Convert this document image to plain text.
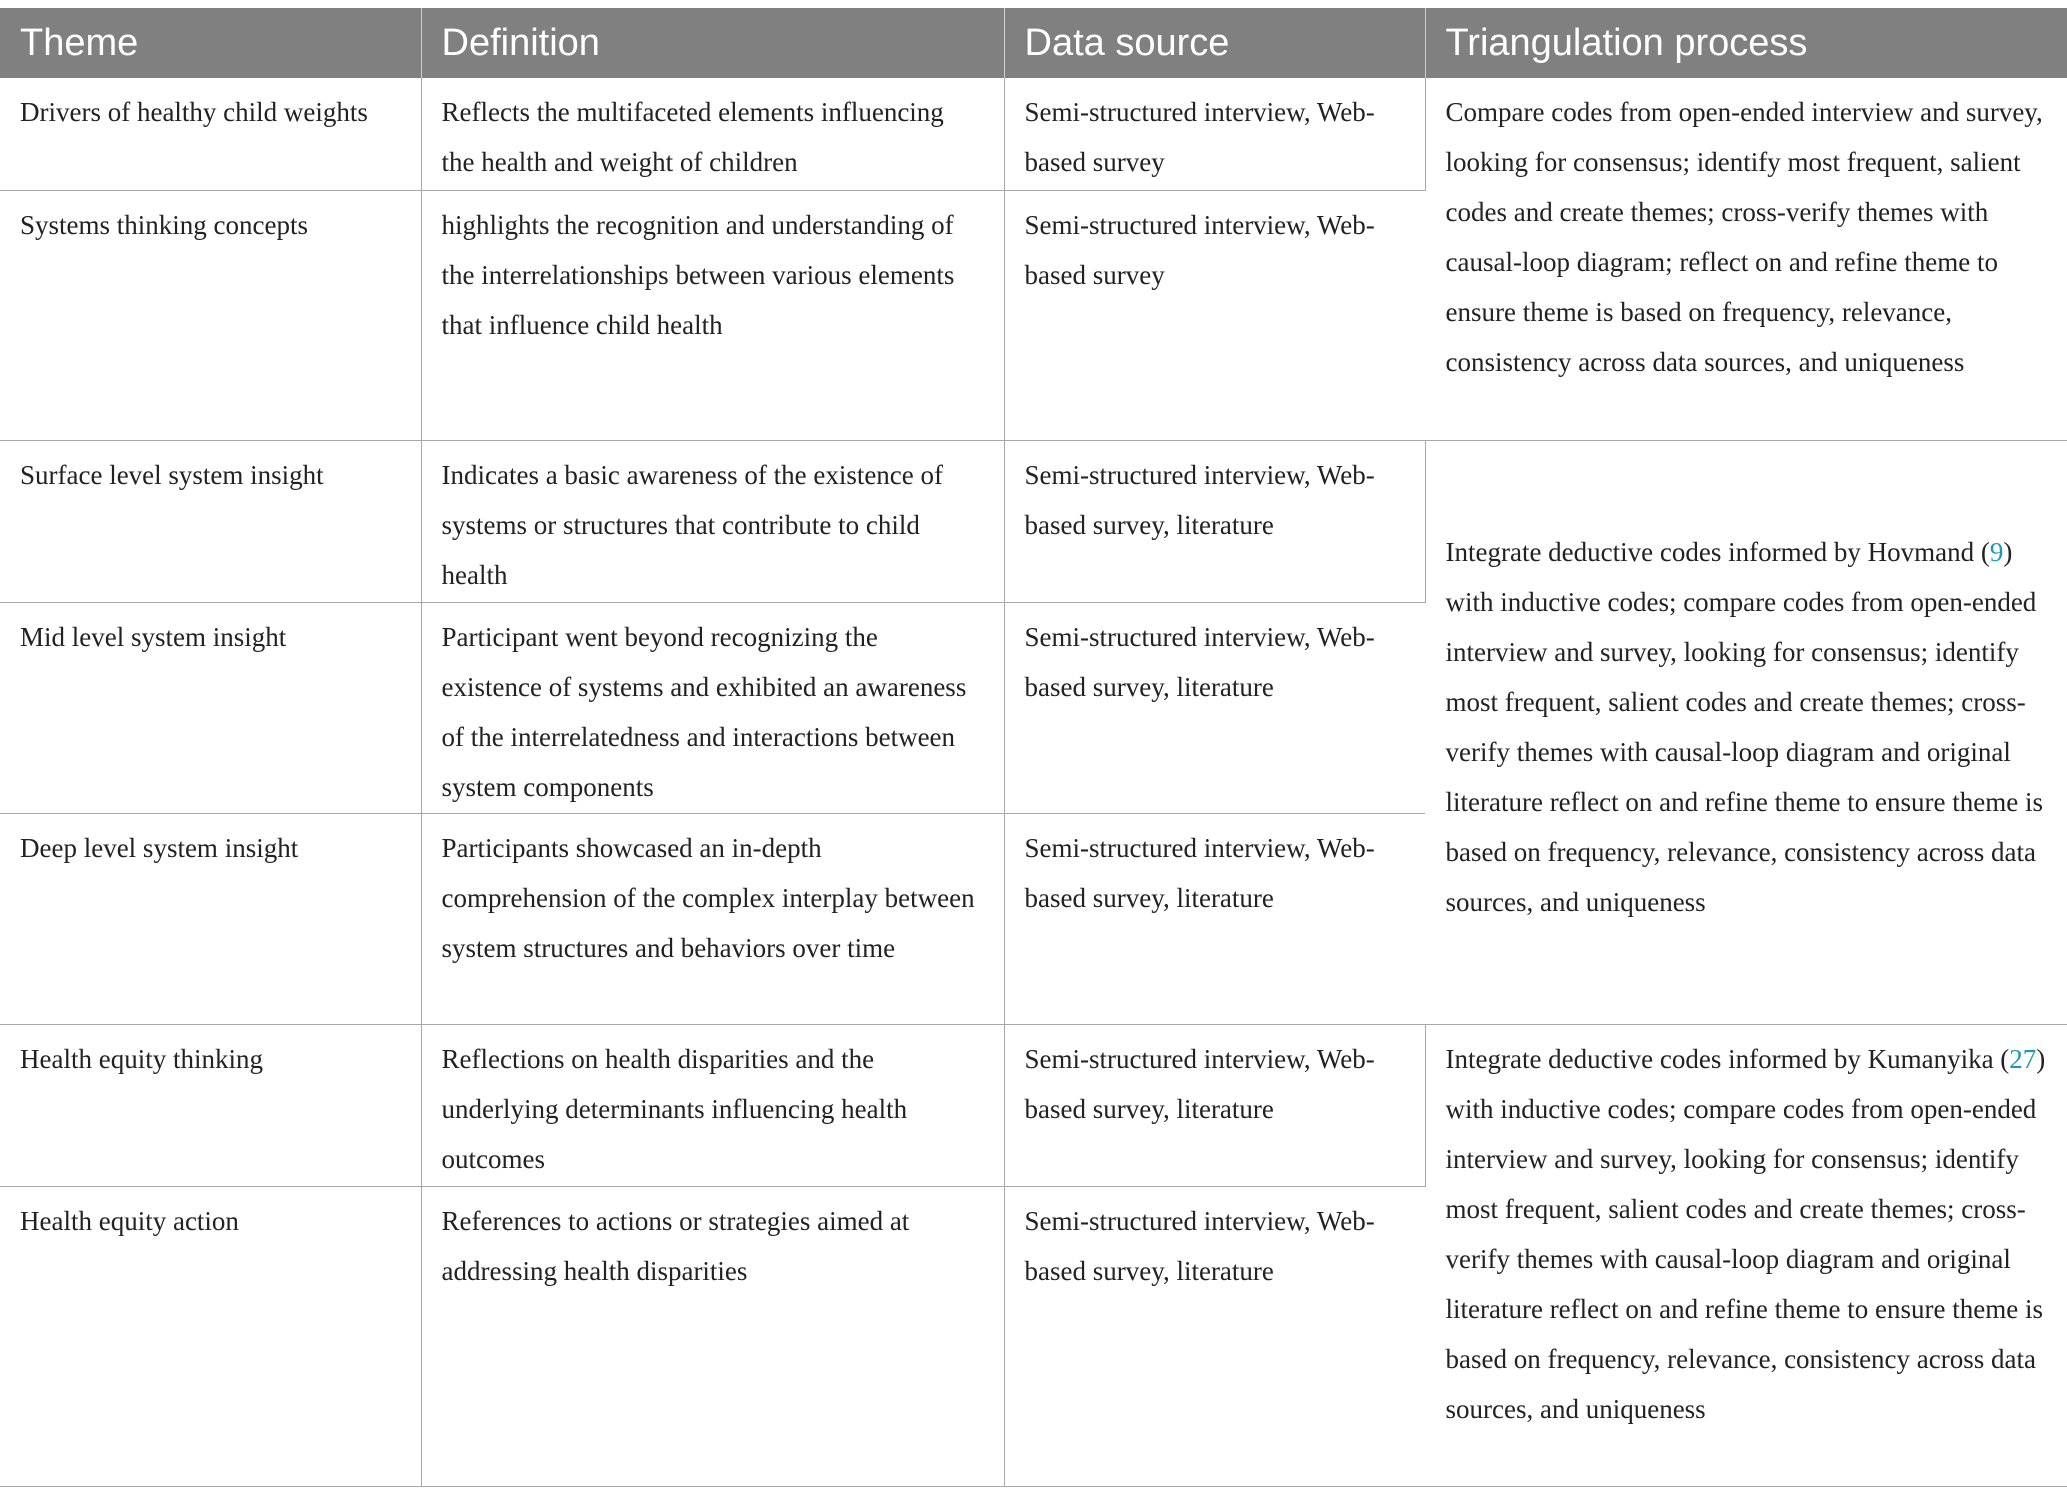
Theme	Definition	Data source	Triangulation process
Drivers of healthy child weights	Reflects the multifaceted elements influencing the health and weight of children	Semi-structured interview, Web-based survey	Compare codes from open-ended interview and survey, looking for consensus; identify most frequent, salient codes and create themes; cross-verify themes with causal-loop diagram; reflect on and refine theme to ensure theme is based on frequency, relevance, consistency across data sources, and uniqueness
Systems thinking concepts	highlights the recognition and understanding of the interrelationships between various elements that influence child health	Semi-structured interview, Web-based survey	
Surface level system insight	Indicates a basic awareness of the existence of systems or structures that contribute to child health	Semi-structured interview, Web-based survey, literature	Integrate deductive codes informed by Hovmand (9) with inductive codes; compare codes from open-ended interview and survey, looking for consensus; identify most frequent, salient codes and create themes; cross-verify themes with causal-loop diagram and original literature reflect on and refine theme to ensure theme is based on frequency, relevance, consistency across data sources, and uniqueness
Mid level system insight	Participant went beyond recognizing the existence of systems and exhibited an awareness of the interrelatedness and interactions between system components	Semi-structured interview, Web-based survey, literature	
Deep level system insight	Participants showcased an in-depth comprehension of the complex interplay between system structures and behaviors over time	Semi-structured interview, Web-based survey, literature	
Health equity thinking	Reflections on health disparities and the underlying determinants influencing health outcomes	Semi-structured interview, Web-based survey, literature	Integrate deductive codes informed by Kumanyika (27) with inductive codes; compare codes from open-ended interview and survey, looking for consensus; identify most frequent, salient codes and create themes; cross-verify themes with causal-loop diagram and original literature reflect on and refine theme to ensure theme is based on frequency, relevance, consistency across data sources, and uniqueness
Health equity action	References to actions or strategies aimed at addressing health disparities	Semi-structured interview, Web-based survey, literature	
